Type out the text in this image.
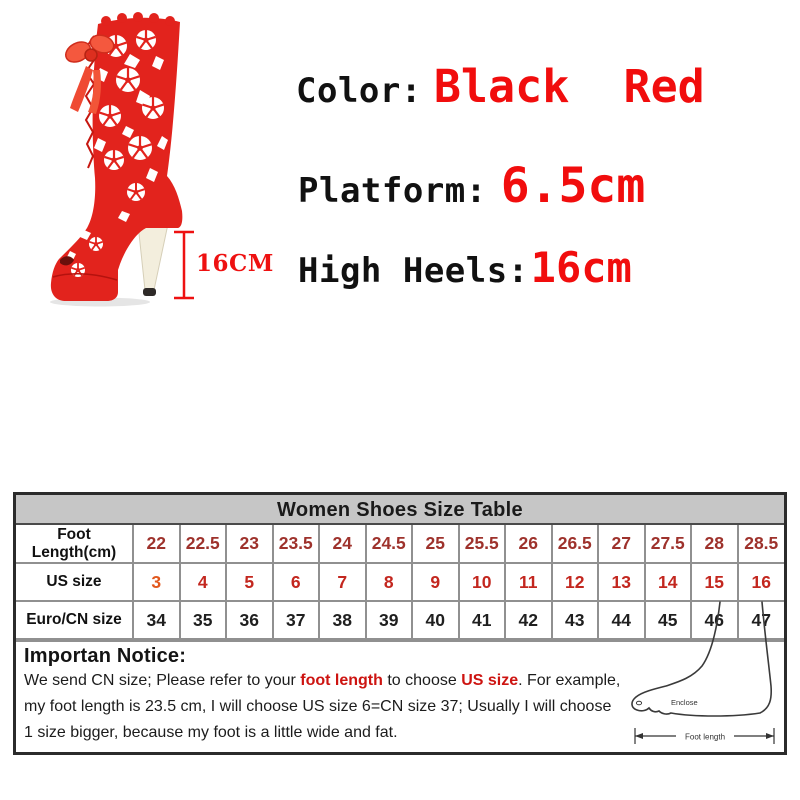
16CM
Color: Black  Red
Platform: 6.5cm
High Heels: 16cm
Women Shoes Size Table
Foot Length(cm)	22	22.5	23	23.5	24	24.5	25	25.5	26	26.5	27	27.5	28	28.5
US size	3	4	5	6	7	8	9	10	11	12	13	14	15	16
Euro/CN size	34	35	36	37	38	39	40	41	42	43	44	45	46	47
Importan Notice:
We send CN size; Please refer to your foot length to choose US size. For example,
my foot length is 23.5 cm, I will choose US size 6=CN size 37; Usually I will choose
1 size bigger, because my foot is a little wide and fat.
Enclose
Foot length
